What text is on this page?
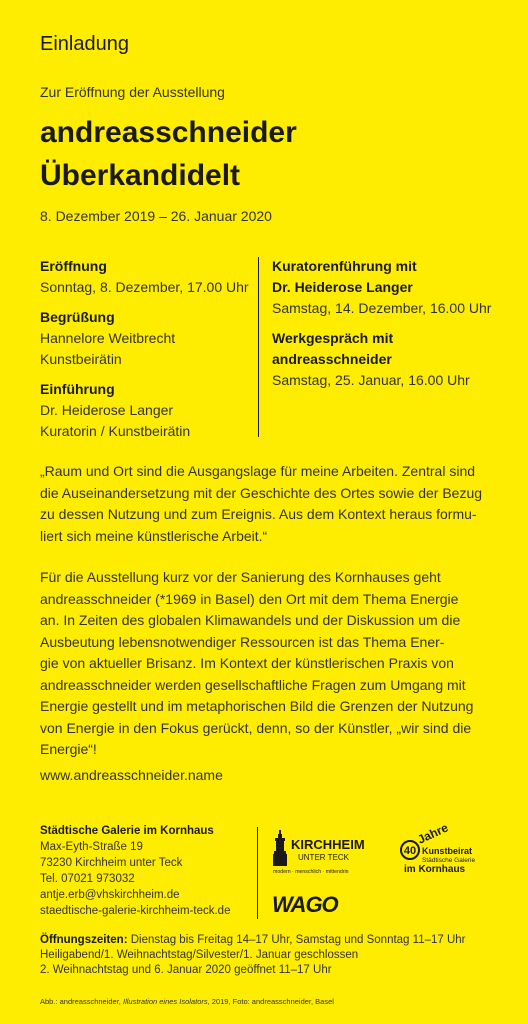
Einladung
Zur Eröffnung der Ausstellung
andreasschneider
Überkandidelt
8. Dezember 2019 – 26. Januar 2020
Eröffnung
Sonntag, 8. Dezember, 17.00 Uhr
Begrüßung
Hannelore Weitbrecht
Kunstbeirätin
Einführung
Dr. Heiderose Langer
Kuratorin / Kunstbeirätin
Kuratorenführung mit
Dr. Heiderose Langer
Samstag, 14. Dezember, 16.00 Uhr
Werkgespräch mit
andreasschneider
Samstag, 25. Januar, 16.00 Uhr
„Raum und Ort sind die Ausgangslage für meine Arbeiten. Zentral sind
die Auseinandersetzung mit der Geschichte des Ortes sowie der Bezug
zu dessen Nutzung und zum Ereignis. Aus dem Kontext heraus formu-
liert sich meine künstlerische Arbeit.“
Für die Ausstellung kurz vor der Sanierung des Kornhauses geht
andreasschneider (*1969 in Basel) den Ort mit dem Thema Energie
an. In Zeiten des globalen Klimawandels und der Diskussion um die
Ausbeutung lebensnotwendiger Ressourcen ist das Thema Ener-
gie von aktueller Brisanz. Im Kontext der künstlerischen Praxis von
andreasschneider werden gesellschaftliche Fragen zum Umgang mit
Energie gestellt und im metaphorischen Bild die Grenzen der Nutzung
von Energie in den Fokus gerückt, denn, so der Künstler, „wir sind die
Energie“!
www.andreasschneider.name
Städtische Galerie im Kornhaus
Max-Eyth-Straße 19
73230 Kirchheim unter Teck
Tel. 07021 973032
antje.erb@vhskirchheim.de
staedtische-galerie-kirchheim-teck.de
KIRCHHEIM
UNTER TECK
modern · menschlich · mittendrin
WAGO
40
Jahre
Kunstbeirat
Städtische Galerie
im Kornhaus
Öffnungszeiten: Dienstag bis Freitag 14–17 Uhr, Samstag und Sonntag 11–17 Uhr
Heiligabend/1. Weihnachtstag/Silvester/1. Januar geschlossen
2. Weihnachtstag und 6. Januar 2020 geöffnet 11–17 Uhr
Abb.: andreasschneider, Illustration eines Isolators, 2019, Foto: andreasschneider, Basel
